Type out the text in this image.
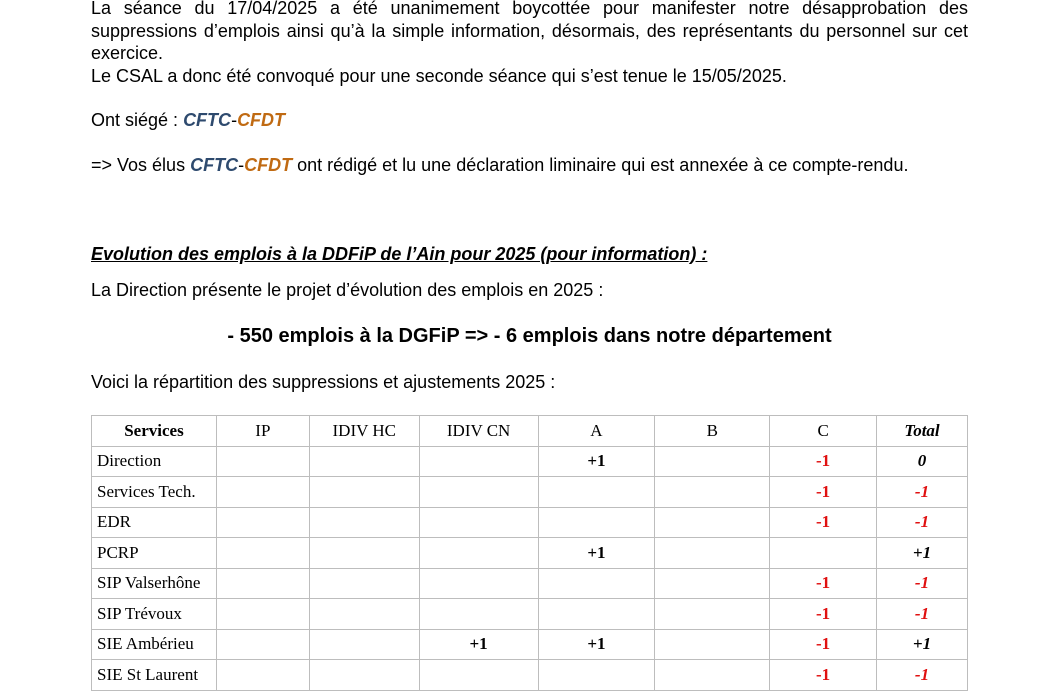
La séance du 17/04/2025 a été unanimement boycottée pour manifester notre désapprobation des suppressions d’emplois ainsi qu’à la simple information, désormais, des représentants du personnel sur cet exercice.
Le CSAL a donc été convoqué pour une seconde séance qui s’est tenue le 15/05/2025.

Ont siégé : CFTC-CFDT

=> Vos élus CFTC-CFDT ont rédigé et lu une déclaration liminaire qui est annexée à ce compte-rendu.

Evolution des emplois à la DDFiP de l’Ain pour 2025 (pour information) :

La Direction présente le projet d’évolution des emplois en 2025 :

- 550 emplois à la DGFiP => - 6 emplois dans notre département

Voici la répartition des suppressions et ajustements 2025 :

Services	IP	IDIV HC	IDIV CN	A	B	C	Total
Direction				+1		-1	0
Services Tech.						-1	-1
EDR						-1	-1
PCRP				+1			+1
SIP Valserhône						-1	-1
SIP Trévoux						-1	-1
SIE Ambérieu			+1	+1		-1	+1
SIE St Laurent						-1	-1
